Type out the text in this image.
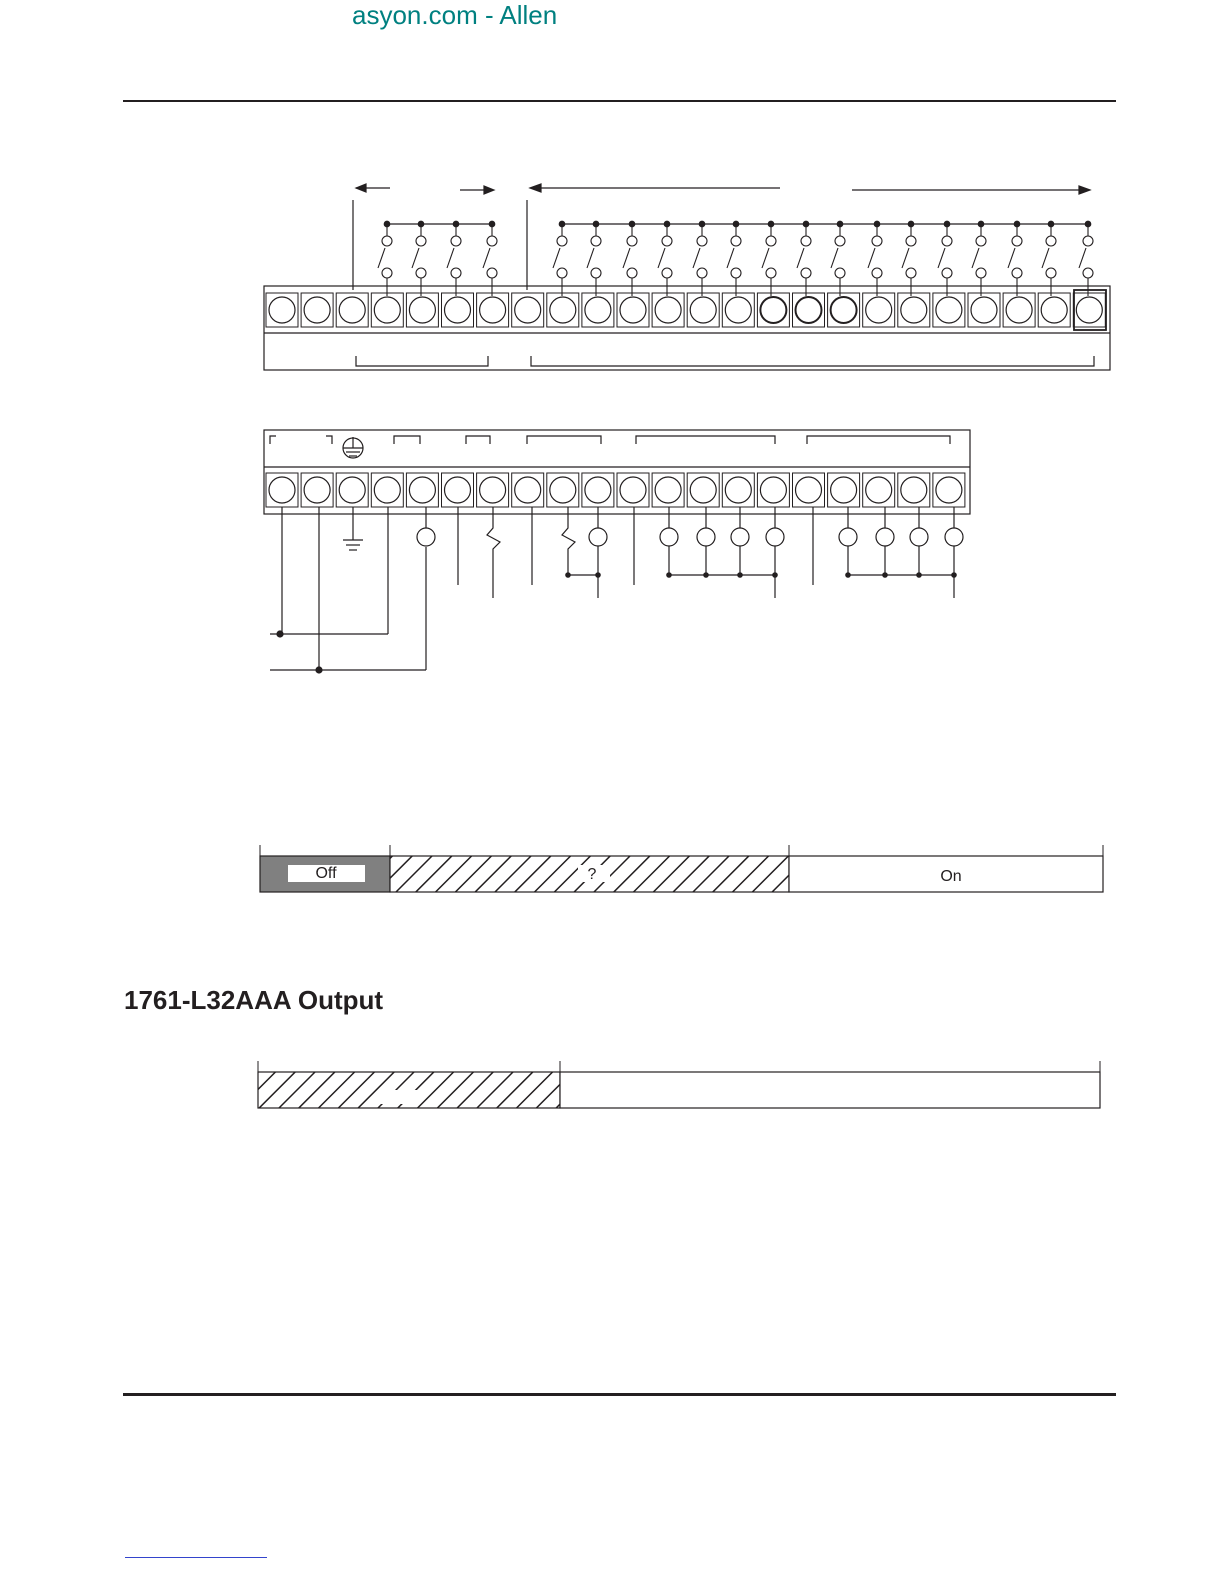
asyon.com - Allen
Off	?	On
1761-L32AAA Output
